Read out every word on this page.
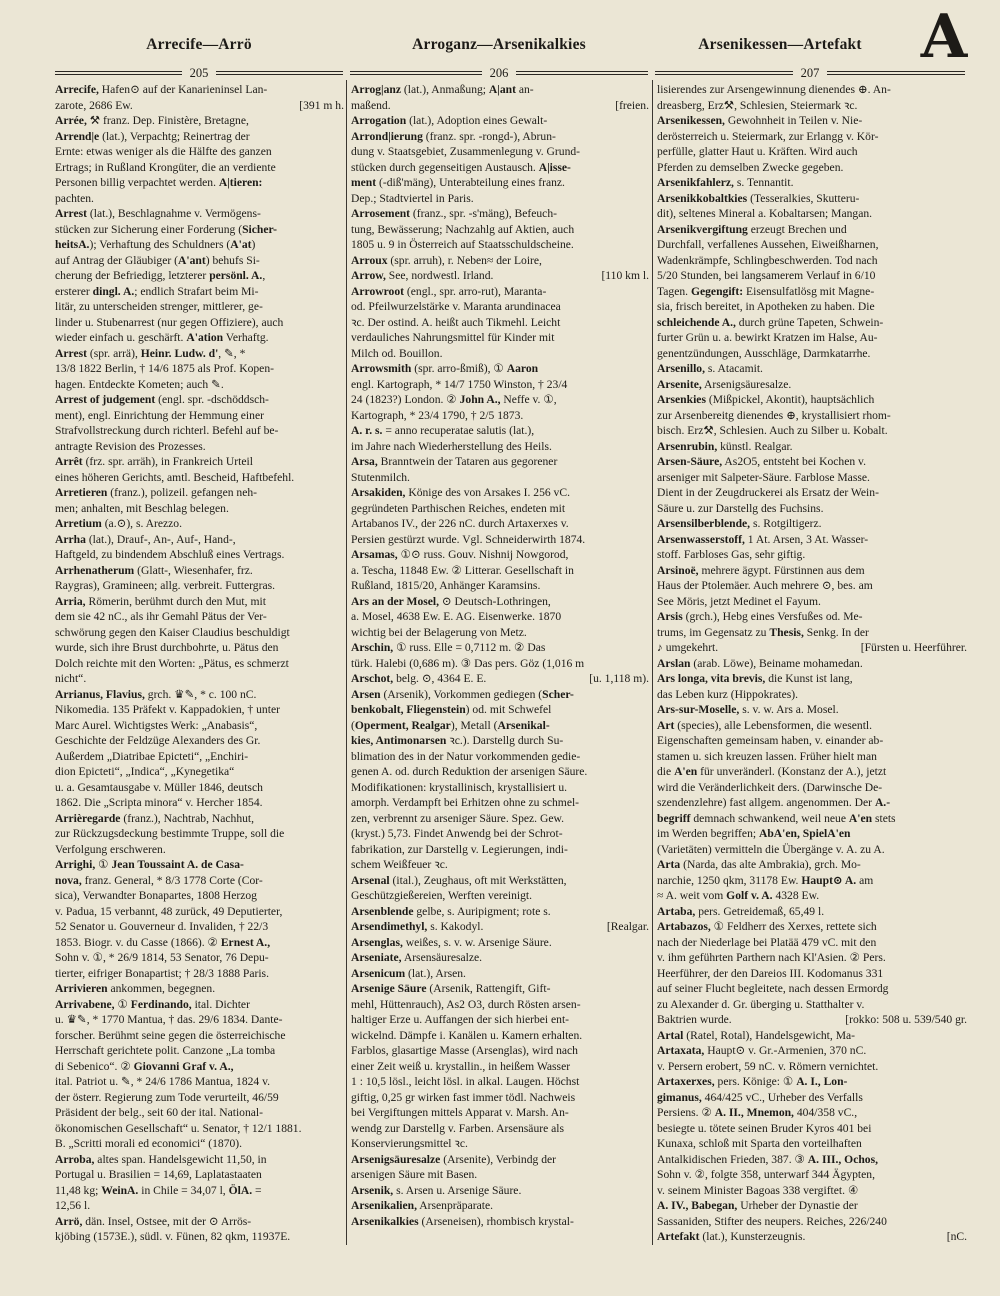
Arrecife—Arrö	Arroganz—Arsenikalkies	Arsenikessen—Artefakt A
205	206	207
Arrecife, Hafen⊙ auf der Kanarieninsel Lan-
[391 m h.
zarote, 2686 Ew.
Arrée, ⚒ franz. Dep. Finistère, Bretagne,
Arrend|e (lat.), Verpachtg; Reinertrag der
Ernte: etwas weniger als die Hälfte des ganzen
Ertrags; in Rußland Krongüter, die an verdiente
Personen billig verpachtet werden. A|tieren:
pachten.
Arrest (lat.), Beschlagnahme v. Vermögens-
stücken zur Sicherung einer Forderung (Sicher-
heitsA.); Verhaftung des Schuldners (A'at)
auf Antrag der Gläubiger (A'ant) behufs Si-
cherung der Befriedigg, letzterer persönl. A.,
ersterer dingl. A.; endlich Strafart beim Mi-
litär, zu unterscheiden strenger, mittlerer, ge-
linder u. Stubenarrest (nur gegen Offiziere), auch
wieder einfach u. geschärft. A'ation Verhaftg.
Arrest (spr. arrä), Heinr. Ludw. d', ✎, *
13/8 1822 Berlin, † 14/6 1875 als Prof. Kopen-
hagen. Entdeckte Kometen; auch ✎.
Arrest of judgement (engl. spr. -dschöddsch-
ment), engl. Einrichtung der Hemmung einer
Strafvollstreckung durch richterl. Befehl auf be-
antragte Revision des Prozesses.
Arrêt (frz. spr. arräh), in Frankreich Urteil
eines höheren Gerichts, amtl. Bescheid, Haftbefehl.
Arretieren (franz.), polizeil. gefangen neh-
men; anhalten, mit Beschlag belegen.
Arretium (a.⊙), s. Arezzo.
Arrha (lat.), Drauf-, An-, Auf-, Hand-,
Haftgeld, zu bindendem Abschluß eines Vertrags.
Arrhenatherum (Glatt-, Wiesenhafer, frz.
Raygras), Gramineen; allg. verbreit. Futtergras.
Arria, Römerin, berühmt durch den Mut, mit
dem sie 42 nC., als ihr Gemahl Pätus der Ver-
schwörung gegen den Kaiser Claudius beschuldigt
wurde, sich ihre Brust durchbohrte, u. Pätus den
Dolch reichte mit den Worten: „Pätus, es schmerzt
nicht“.
Arrianus, Flavius, grch. ♛✎, * c. 100 nC.
Nikomedia. 135 Präfekt v. Kappadokien, † unter
Marc Aurel. Wichtigstes Werk: „Anabasis“,
Geschichte der Feldzüge Alexanders des Gr.
Außerdem „Diatribae Epicteti“, „Enchiri-
dion Epicteti“, „Indica“, „Kynegetika“
u. a. Gesamtausgabe v. Müller 1846, deutsch
1862. Die „Scripta minora“ v. Hercher 1854.
Arrièregarde (franz.), Nachtrab, Nachhut,
zur Rückzugsdeckung bestimmte Truppe, soll die
Verfolgung erschweren.
Arrighi, ① Jean Toussaint A. de Casa-
nova, franz. General, * 8/3 1778 Corte (Cor-
sica), Verwandter Bonapartes, 1808 Herzog
v. Padua, 15 verbannt, 48 zurück, 49 Deputierter,
52 Senator u. Gouverneur d. Invaliden, † 22/3
1853. Biogr. v. du Casse (1866). ② Ernest A.,
Sohn v. ①, * 26/9 1814, 53 Senator, 76 Depu-
tierter, eifriger Bonapartist; † 28/3 1888 Paris.
Arrivieren ankommen, begegnen.
Arrivabene, ① Ferdinando, ital. Dichter
u. ♛✎, * 1770 Mantua, † das. 29/6 1834. Dante-
forscher. Berühmt seine gegen die österreichische
Herrschaft gerichtete polit. Canzone „La tomba
di Sebenico“. ② Giovanni Graf v. A.,
ital. Patriot u. ✎, * 24/6 1786 Mantua, 1824 v.
der österr. Regierung zum Tode verurteilt, 46/59
Präsident der belg., seit 60 der ital. National-
ökonomischen Gesellschaft“ u. Senator, † 12/1 1881.
B. „Scritti morali ed economici“ (1870).
Arroba, altes span. Handelsgewicht 11,50, in
Portugal u. Brasilien = 14,69, Laplatastaaten
11,48 kg; WeinA. in Chile = 34,07 l, ÖlA. =
12,56 l.
Arrö, dän. Insel, Ostsee, mit der ⊙ Arrös-
kjöbing (1573E.), südl. v. Fünen, 82 qkm, 11937E.
Arrog|anz (lat.), Anmaßung; A|ant an-
[freien.
maßend.
Arrogation (lat.), Adoption eines Gewalt-
Arrond|ierung (franz. spr. -rongd-), Abrun-
dung v. Staatsgebiet, Zusammenlegung v. Grund-
stücken durch gegenseitigen Austausch. A|isse-
ment (-diß'mäng), Unterabteilung eines franz.
Dep.; Stadtviertel in Paris.
Arrosement (franz., spr. -s'mäng), Befeuch-
tung, Bewässerung; Nachzahlg auf Aktien, auch
1805 u. 9 in Österreich auf Staatsschuldscheine.
Arroux (spr. arruh), r. Neben≈ der Loire,
[110 km l.
Arrow, See, nordwestl. Irland.
Arrowroot (engl., spr. arro-rut), Maranta-
od. Pfeilwurzelstärke v. Maranta arundinacea
ꝛc. Der ostind. A. heißt auch Tikmehl. Leicht
verdauliches Nahrungsmittel für Kinder mit
Milch od. Bouillon.
Arrowsmith (spr. arro-ßmiß), ① Aaron
engl. Kartograph, * 14/7 1750 Winston, † 23/4
24 (1823?) London. ② John A., Neffe v. ①,
Kartograph, * 23/4 1790, † 2/5 1873.
A. r. s. = anno recuperatae salutis (lat.),
im Jahre nach Wiederherstellung des Heils.
Arsa, Branntwein der Tataren aus gegorener
Stutenmilch.
Arsakiden, Könige des von Arsakes I. 256 vC.
gegründeten Parthischen Reiches, endeten mit
Artabanos IV., der 226 nC. durch Artaxerxes v.
Persien gestürzt wurde. Vgl. Schneiderwirth 1874.
Arsamas, ①⊙ russ. Gouv. Nishnij Nowgorod,
a. Tescha, 11848 Ew. ② Litterar. Gesellschaft in
Rußland, 1815/20, Anhänger Karamsins.
Ars an der Mosel, ⊙ Deutsch-Lothringen,
a. Mosel, 4638 Ew. E. AG. Eisenwerke. 1870
wichtig bei der Belagerung von Metz.
Arschin, ① russ. Elle = 0,7112 m. ② Das
türk. Halebi (0,686 m). ③ Das pers. Göz (1,016 m
[u. 1,118 m).
Arschot, belg. ⊙, 4364 E. E.
Arsen (Arsenik), Vorkommen gediegen (Scher-
benkobalt, Fliegenstein) od. mit Schwefel
(Operment, Realgar), Metall (Arsenikal-
kies, Antimonarsen ꝛc.). Darstellg durch Su-
blimation des in der Natur vorkommenden gedie-
genen A. od. durch Reduktion der arsenigen Säure.
Modifikationen: krystallinisch, krystallisiert u.
amorph. Verdampft bei Erhitzen ohne zu schmel-
zen, verbrennt zu arseniger Säure. Spez. Gew.
(kryst.) 5,73. Findet Anwendg bei der Schrot-
fabrikation, zur Darstellg v. Legierungen, indi-
schem Weißfeuer ꝛc.
Arsenal (ital.), Zeughaus, oft mit Werkstätten,
Geschützgießereien, Werften vereinigt.
Arsenblende gelbe, s. Auripigment; rote s.
[Realgar.
Arsendimethyl, s. Kakodyl.
Arsenglas, weißes, s. v. w. Arsenige Säure.
Arseniate, Arsensäuresalze.
Arsenicum (lat.), Arsen.
Arsenige Säure (Arsenik, Rattengift, Gift-
mehl, Hüttenrauch), As2 O3, durch Rösten arsen-
haltiger Erze u. Auffangen der sich hierbei ent-
wickelnd. Dämpfe i. Kanälen u. Kamern erhalten.
Farblos, glasartige Masse (Arsenglas), wird nach
einer Zeit weiß u. krystallin., in heißem Wasser
1 : 10,5 lösl., leicht lösl. in alkal. Laugen. Höchst
giftig, 0,25 gr wirken fast immer tödl. Nachweis
bei Vergiftungen mittels Apparat v. Marsh. An-
wendg zur Darstellg v. Farben. Arsensäure als
Konservierungsmittel ꝛc.
Arsenigsäuresalze (Arsenite), Verbindg der
arsenigen Säure mit Basen.
Arsenik, s. Arsen u. Arsenige Säure.
Arsenikalien, Arsenpräparate.
Arsenikalkies (Arseneisen), rhombisch krystal-
lisierendes zur Arsengewinnung dienendes ⊕. An-
dreasberg, Erz⚒, Schlesien, Steiermark ꝛc.
Arsenikessen, Gewohnheit in Teilen v. Nie-
derösterreich u. Steiermark, zur Erlangg v. Kör-
perfülle, glatter Haut u. Kräften. Wird auch
Pferden zu demselben Zwecke gegeben.
Arsenikfahlerz, s. Tennantit.
Arsenikkobaltkies (Tesseralkies, Skutteru-
dit), seltenes Mineral a. Kobaltarsen; Mangan.
Arsenikvergiftung erzeugt Brechen und
Durchfall, verfallenes Aussehen, Eiweißharnen,
Wadenkrämpfe, Schlingbeschwerden. Tod nach
5/20 Stunden, bei langsamerem Verlauf in 6/10
Tagen. Gegengift: Eisensulfatlösg mit Magne-
sia, frisch bereitet, in Apotheken zu haben. Die
schleichende A., durch grüne Tapeten, Schwein-
furter Grün u. a. bewirkt Kratzen im Halse, Au-
genentzündungen, Ausschläge, Darmkatarrhe.
Arsenillo, s. Atacamit.
Arsenite, Arsenigsäuresalze.
Arsenkies (Mißpickel, Akontit), hauptsächlich
zur Arsenbereitg dienendes ⊕, krystallisiert rhom-
bisch. Erz⚒, Schlesien. Auch zu Silber u. Kobalt.
Arsenrubin, künstl. Realgar.
Arsen-Säure, As2O5, entsteht bei Kochen v.
arseniger mit Salpeter-Säure. Farblose Masse.
Dient in der Zeugdruckerei als Ersatz der Wein-
Säure u. zur Darstellg des Fuchsins.
Arsensilberblende, s. Rotgiltigerz.
Arsenwasserstoff, 1 At. Arsen, 3 At. Wasser-
stoff. Farbloses Gas, sehr giftig.
Arsinoë, mehrere ägypt. Fürstinnen aus dem
Haus der Ptolemäer. Auch mehrere ⊙, bes. am
See Möris, jetzt Medinet el Fayum.
Arsis (grch.), Hebg eines Versfußes od. Me-
trums, im Gegensatz zu Thesis, Senkg. In der
[Fürsten u. Heerführer.
♪ umgekehrt.
Arslan (arab. Löwe), Beiname mohamedan.
Ars longa, vita brevis, die Kunst ist lang,
das Leben kurz (Hippokrates).
Ars-sur-Moselle, s. v. w. Ars a. Mosel.
Art (species), alle Lebensformen, die wesentl.
Eigenschaften gemeinsam haben, v. einander ab-
stamen u. sich kreuzen lassen. Früher hielt man
die A'en für unveränderl. (Konstanz der A.), jetzt
wird die Veränderlichkeit ders. (Darwinsche De-
szendenzlehre) fast allgem. angenommen. Der A.-
begriff demnach schwankend, weil neue A'en stets
im Werden begriffen; AbA'en, SpielA'en
(Varietäten) vermitteln die Übergänge v. A. zu A.
Arta (Narda, das alte Ambrakia), grch. Mo-
narchie, 1250 qkm, 31178 Ew. Haupt⊙ A. am
≈ A. weit vom Golf v. A. 4328 Ew.
Artaba, pers. Getreidemaß, 65,49 l.
Artabazos, ① Feldherr des Xerxes, rettete sich
nach der Niederlage bei Platää 479 vC. mit den
v. ihm geführten Parthern nach Kl'Asien. ② Pers.
Heerführer, der den Dareios III. Kodomanus 331
auf seiner Flucht begleitete, nach dessen Ermordg
zu Alexander d. Gr. überging u. Statthalter v.
[rokko: 508 u. 539/540 gr.
Baktrien wurde.
Artal (Ratel, Rotal), Handelsgewicht, Ma-
Artaxata, Haupt⊙ v. Gr.-Armenien, 370 nC.
v. Persern erobert, 59 nC. v. Römern vernichtet.
Artaxerxes, pers. Könige: ① A. I., Lon-
gimanus, 464/425 vC., Urheber des Verfalls
Persiens. ② A. II., Mnemon, 404/358 vC.,
besiegte u. tötete seinen Bruder Kyros 401 bei
Kunaxa, schloß mit Sparta den vorteilhaften
Antalkidischen Frieden, 387. ③ A. III., Ochos,
Sohn v. ②, folgte 358, unterwarf 344 Ägypten,
v. seinem Minister Bagoas 338 vergiftet. ④
A. IV., Babegan, Urheber der Dynastie der
Sassaniden, Stifter des neupers. Reiches, 226/240
[nC.
Artefakt (lat.), Kunsterzeugnis.
